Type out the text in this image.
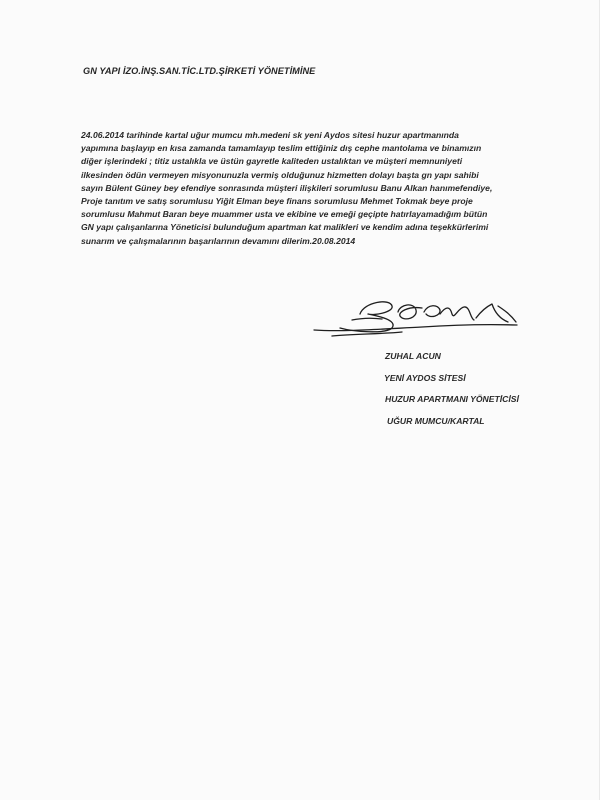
GN YAPI İZO.İNŞ.SAN.TİC.LTD.ŞİRKETİ YÖNETİMİNE

24.06.2014 tarihinde kartal uğur mumcu mh.medeni sk yeni Aydos sitesi huzur apartmanında
yapımına başlayıp en kısa zamanda tamamlayıp teslim ettiğiniz dış cephe mantolama ve binamızın
diğer işlerindeki ; titiz ustalıkla ve üstün gayretle kaliteden ustalıktan ve müşteri memnuniyeti
ilkesinden ödün vermeyen misyonunuzla vermiş olduğunuz hizmetten dolayı başta gn yapı sahibi
sayın Bülent Güney bey efendiye sonrasında müşteri ilişkileri sorumlusu Banu Alkan hanımefendiye,
Proje tanıtım ve satış sorumlusu Yiğit Elman beye finans sorumlusu Mehmet Tokmak beye proje
sorumlusu Mahmut Baran beye muammer usta ve ekibine ve emeği geçipte hatırlayamadığım bütün
GN yapı çalışanlarına Yöneticisi bulunduğum apartman kat malikleri ve kendim adına teşekkürlerimi
sunarım ve çalışmalarının başarılarının devamını dilerim.20.08.2014
ZUHAL ACUN
YENİ AYDOS SİTESİ
HUZUR APARTMANI YÖNETİCİSİ
UĞUR MUMCU/KARTAL
